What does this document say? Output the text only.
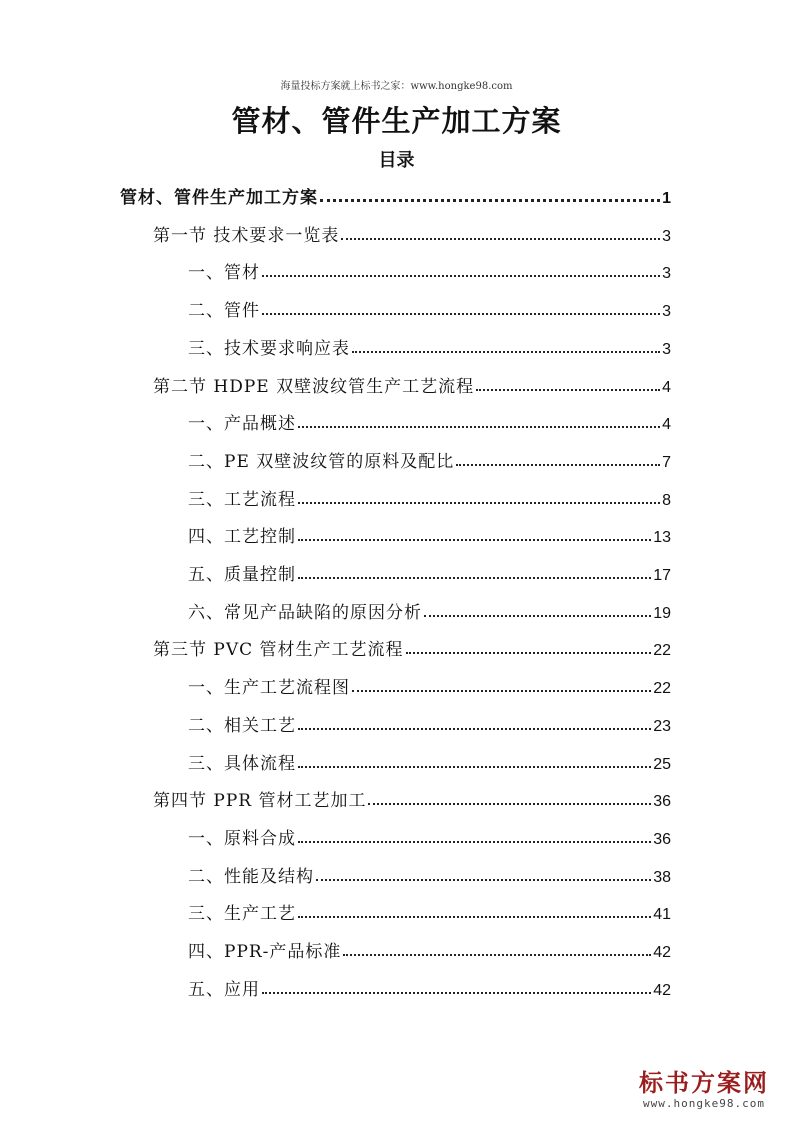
海量投标方案就上标书之家：www.hongke98.com
管材、管件生产加工方案
目录
管材、管件生产加工方案	1
第一节 技术要求一览表	3
一、管材	3
二、管件	3
三、技术要求响应表	3
第二节 HDPE 双壁波纹管生产工艺流程	4
一、产品概述	4
二、PE 双壁波纹管的原料及配比	7
三、工艺流程	8
四、工艺控制	13
五、质量控制	17
六、常见产品缺陷的原因分析	19
第三节 PVC 管材生产工艺流程	22
一、生产工艺流程图	22
二、相关工艺	23
三、具体流程	25
第四节 PPR 管材工艺加工	36
一、原料合成	36
二、性能及结构	38
三、生产工艺	41
四、PPR-产品标准	42
五、应用	42
标书方案网
www.hongke98.com
